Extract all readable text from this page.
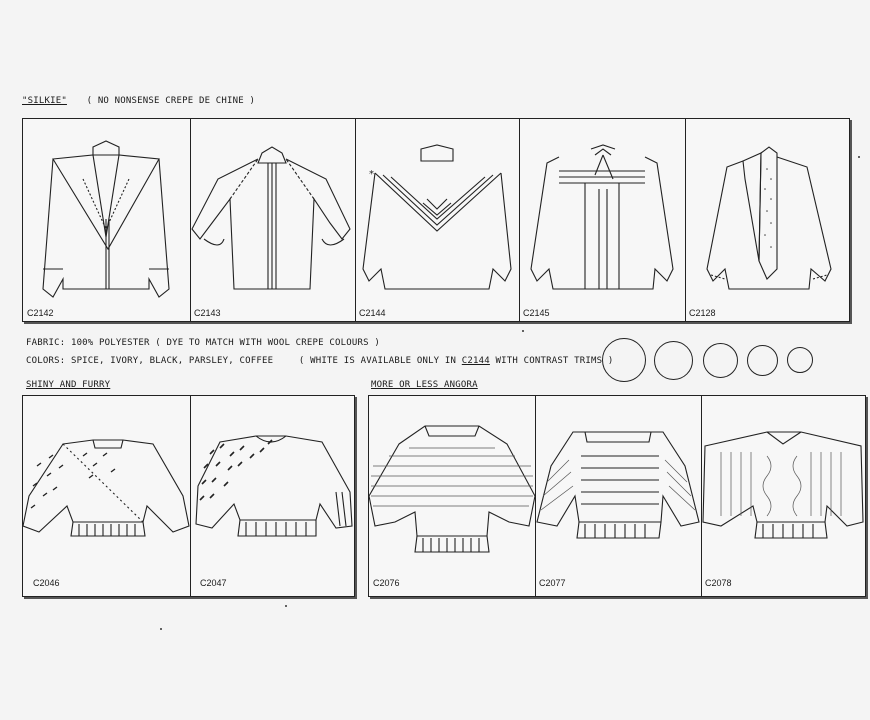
"SILKIE" ( NO NONSENSE CREPE DE CHINE )
C2142	C2143
*
C2144	C2145	C2128
FABRIC: 100% POLYESTER ( DYE TO MATCH WITH WOOL CREPE COLOURS )
COLORS: SPICE, IVORY, BLACK, PARSLEY, COFFEE	( WHITE IS AVAILABLE ONLY IN C2144 WITH CONTRAST TRIMS )
SHINY AND FURRY
C2046	C2047
MORE OR LESS ANGORA
C2076	C2077	C2078
